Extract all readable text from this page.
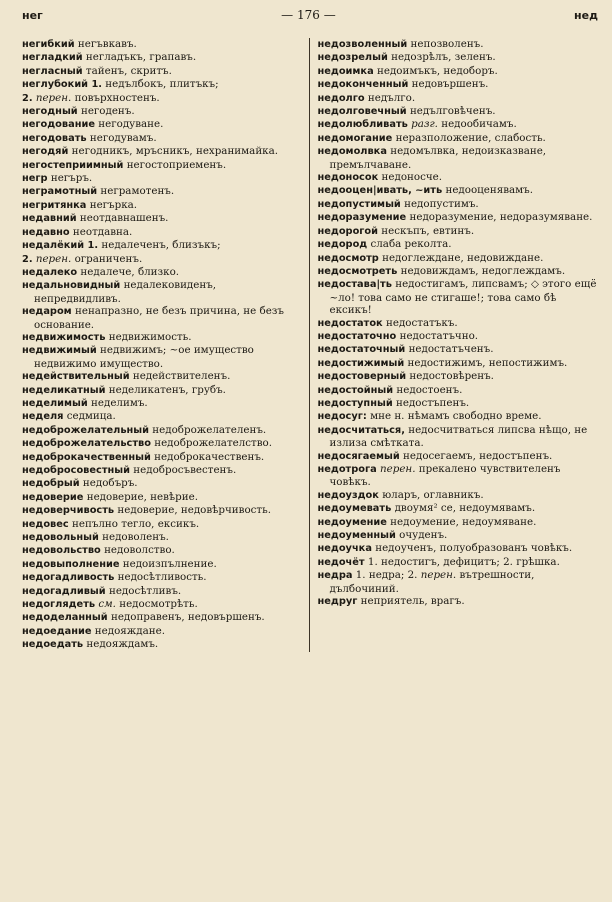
нег	— 176 —	нед

негибкий негъвкавъ.

негладкий негладъкъ, грапавъ.

негласный тайенъ, скритъ.

неглубокий 1. недълбокъ, плитъкъ;

2. перен. повърхностенъ.

негодный негоденъ.

негодование негодуване.

негодовать негодувамъ.

негодяй негодникъ, мръсникъ, нехранимайка.

негостеприимный негостоприеменъ.

негр негъръ.

неграмотный неграмотенъ.

негритянка негърка.

недавний неотдавнашенъ.

недавно неотдавна.

недалёкий 1. недалеченъ, близъкъ;

2. перен. ограниченъ.

недалеко недалече, близко.

недальновидный недалековиденъ, непредвидливъ.

недаром ненапразно, не безъ причина, не безъ основание.

недвижимость недвижимость.

недвижимый недвижимъ; ~ое имущество недвижимо имущество.

недействительный недействителенъ.

неделикатный неделикатенъ, грубъ.

неделимый неделимъ.

неделя седмица.

недоброжелательный недоброжелателенъ.

недоброжелательство недоброжелателство.

недоброкачественный недоброкачественъ.

недобросовестный недобросъвестенъ.

недобрый недобъръ.

недоверие недоверие, невѣрие.

недоверчивость недоверие, недовѣрчивость.

недовес непълно тегло, ексикъ.

недовольный недоволенъ.

недовольство недоволство.

недовыполнение недоизпълнение.

недогадливость недосѣтливость.

недогадливый недосѣтливъ.

недоглядеть см. недосмотрѣть.

недоделанный недоправенъ, недовършенъ.

недоедание недояждане.

недоедать недояждамъ.

недозволенный непозволенъ.

недозрелый недозрѣлъ, зеленъ.

недоимка недоимъкъ, недоборъ.

недоконченный недовършенъ.

недолго недълго.

недолговечный недълговѣченъ.

недолюбливать разг. недообичамъ.

недомогание неразположение, слабость.

недомолвка недомълвка, недоизказване, премълчаване.

недоносок недоносче.

недооцен|ивать, ~ить недооценявамъ.

недопустимый недопустимъ.

недоразумение недоразумение, недоразумяване.

недорогой нескъпъ, евтинъ.

недород слаба реколта.

недосмотр недоглеждане, недовиждане.

недосмотреть недовиждамъ, недоглеждамъ.

недостава|ть недостигамъ, липсвамъ; ◇ этого ещё ~ло! това само не стигаше!; това само бѣ ексикъ!

недостаток недостатъкъ.

недостаточно недостатъчно.

недостаточный недостатъченъ.

недостижимый недостижимъ, непостижимъ.

недостоверный недостовѣренъ.

недостойный недостоенъ.

недоступный недостъпенъ.

недосуг: мне н. нѣмамъ свободно време.

недосчитаться, недосчитваться липсва нѣщо, не излиза смѣтката.

недосягаемый недосегаемъ, недостъпенъ.

недотрога перен. прекалено чувствителенъ човѣкъ.

недоуздок юларъ, оглавникъ.

недоумевать двоумя² се, недоумявамъ.

недоумение недоумение, недоумяване.

недоуменный очуденъ.

недоучка недоученъ, полуобразованъ човѣкъ.

недочёт 1. недостигъ, дефицитъ; 2. грѣшка.

недра 1. недра; 2. перен. вътрешности, дълбочиний.

недруг неприятель, врагъ.
